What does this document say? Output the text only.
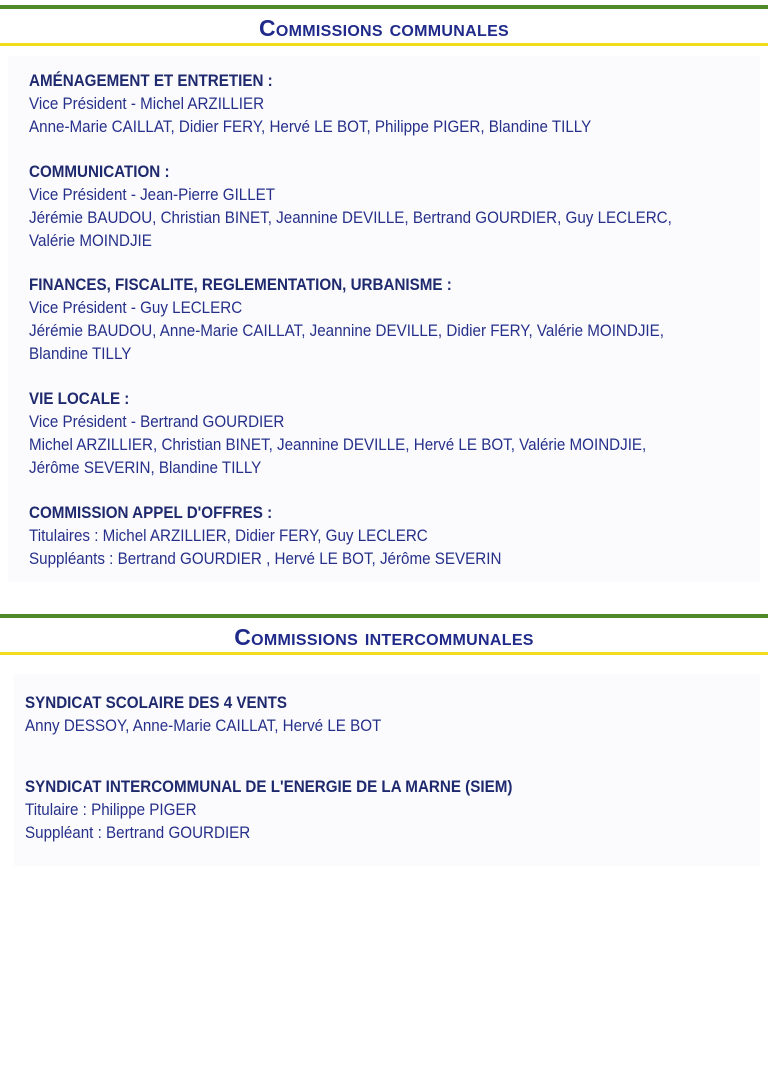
Commissions communales
AMÉNAGEMENT ET ENTRETIEN :
Vice Président - Michel ARZILLIER
Anne-Marie CAILLAT, Didier FERY, Hervé LE BOT, Philippe PIGER, Blandine TILLY
COMMUNICATION :
Vice Président - Jean-Pierre GILLET
Jérémie BAUDOU, Christian BINET, Jeannine DEVILLE, Bertrand GOURDIER, Guy LECLERC,
Valérie MOINDJIE
FINANCES, FISCALITE, REGLEMENTATION, URBANISME :
Vice Président - Guy LECLERC
Jérémie BAUDOU, Anne-Marie CAILLAT, Jeannine DEVILLE, Didier FERY, Valérie MOINDJIE,
Blandine TILLY
VIE LOCALE :
Vice Président - Bertrand GOURDIER
Michel ARZILLIER, Christian BINET, Jeannine DEVILLE, Hervé LE BOT, Valérie MOINDJIE,
Jérôme SEVERIN, Blandine TILLY
COMMISSION APPEL D'OFFRES :
Titulaires : Michel ARZILLIER, Didier FERY, Guy LECLERC
Suppléants : Bertrand GOURDIER , Hervé LE BOT, Jérôme SEVERIN
Commissions intercommunales
SYNDICAT SCOLAIRE DES 4 VENTS
Anny DESSOY, Anne-Marie CAILLAT, Hervé LE BOT
SYNDICAT INTERCOMMUNAL DE L'ENERGIE DE LA MARNE (SIEM)
Titulaire : Philippe PIGER
Suppléant : Bertrand GOURDIER
